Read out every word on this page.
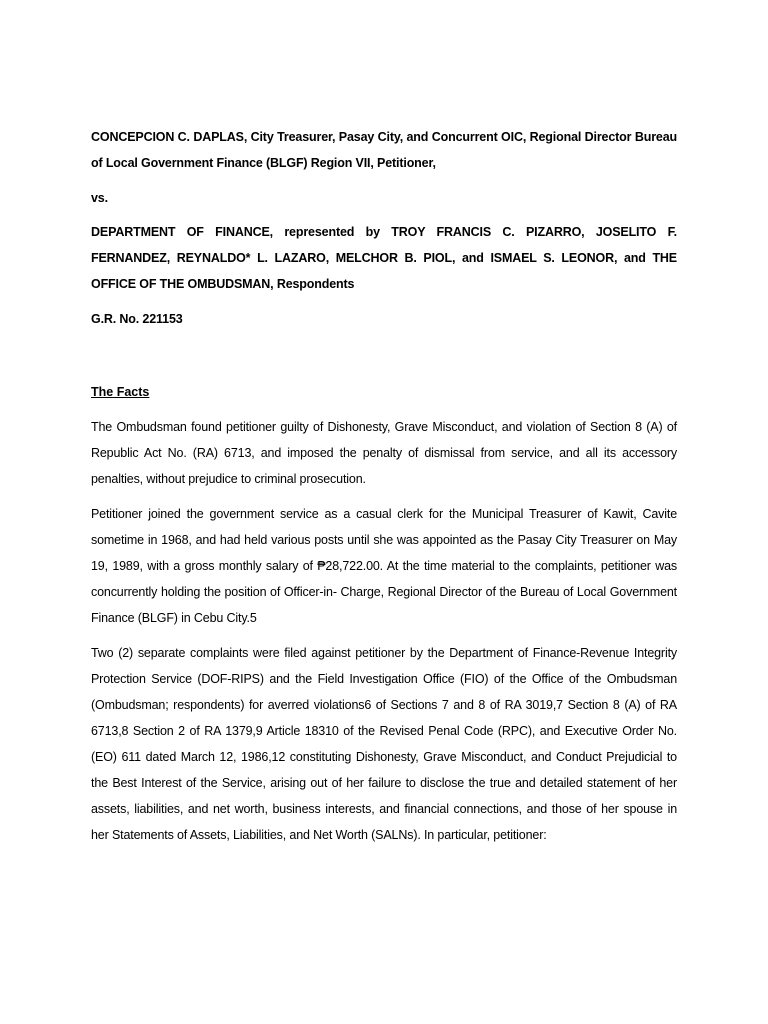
CONCEPCION C. DAPLAS, City Treasurer, Pasay City, and Concurrent OIC, Regional Director Bureau of Local Government Finance (BLGF) Region VII, Petitioner,

vs.

DEPARTMENT OF FINANCE, represented by TROY FRANCIS C. PIZARRO, JOSELITO F. FERNANDEZ, REYNALDO* L. LAZARO, MELCHOR B. PIOL, and ISMAEL S. LEONOR, and THE OFFICE OF THE OMBUDSMAN, Respondents

G.R. No. 221153

The Facts

The Ombudsman found petitioner guilty of Dishonesty, Grave Misconduct, and violation of Section 8 (A) of Republic Act No. (RA) 6713, and imposed the penalty of dismissal from service, and all its accessory penalties, without prejudice to criminal prosecution.

Petitioner joined the government service as a casual clerk for the Municipal Treasurer of Kawit, Cavite sometime in 1968, and had held various posts until she was appointed as the Pasay City Treasurer on May 19, 1989, with a gross monthly salary of ₱28,722.00. At the time material to the complaints, petitioner was concurrently holding the position of Officer-in- Charge, Regional Director of the Bureau of Local Government Finance (BLGF) in Cebu City.5

Two (2) separate complaints were filed against petitioner by the Department of Finance-Revenue Integrity Protection Service (DOF-RIPS) and the Field Investigation Office (FIO) of the Office of the Ombudsman (Ombudsman; respondents) for averred violations6 of Sections 7 and 8 of RA 3019,7 Section 8 (A) of RA 6713,8 Section 2 of RA 1379,9 Article 18310 of the Revised Penal Code (RPC), and Executive Order No. (EO) 611 dated March 12, 1986,12 constituting Dishonesty, Grave Misconduct, and Conduct Prejudicial to the Best Interest of the Service, arising out of her failure to disclose the true and detailed statement of her assets, liabilities, and net worth, business interests, and financial connections, and those of her spouse in her Statements of Assets, Liabilities, and Net Worth (SALNs). In particular, petitioner:
